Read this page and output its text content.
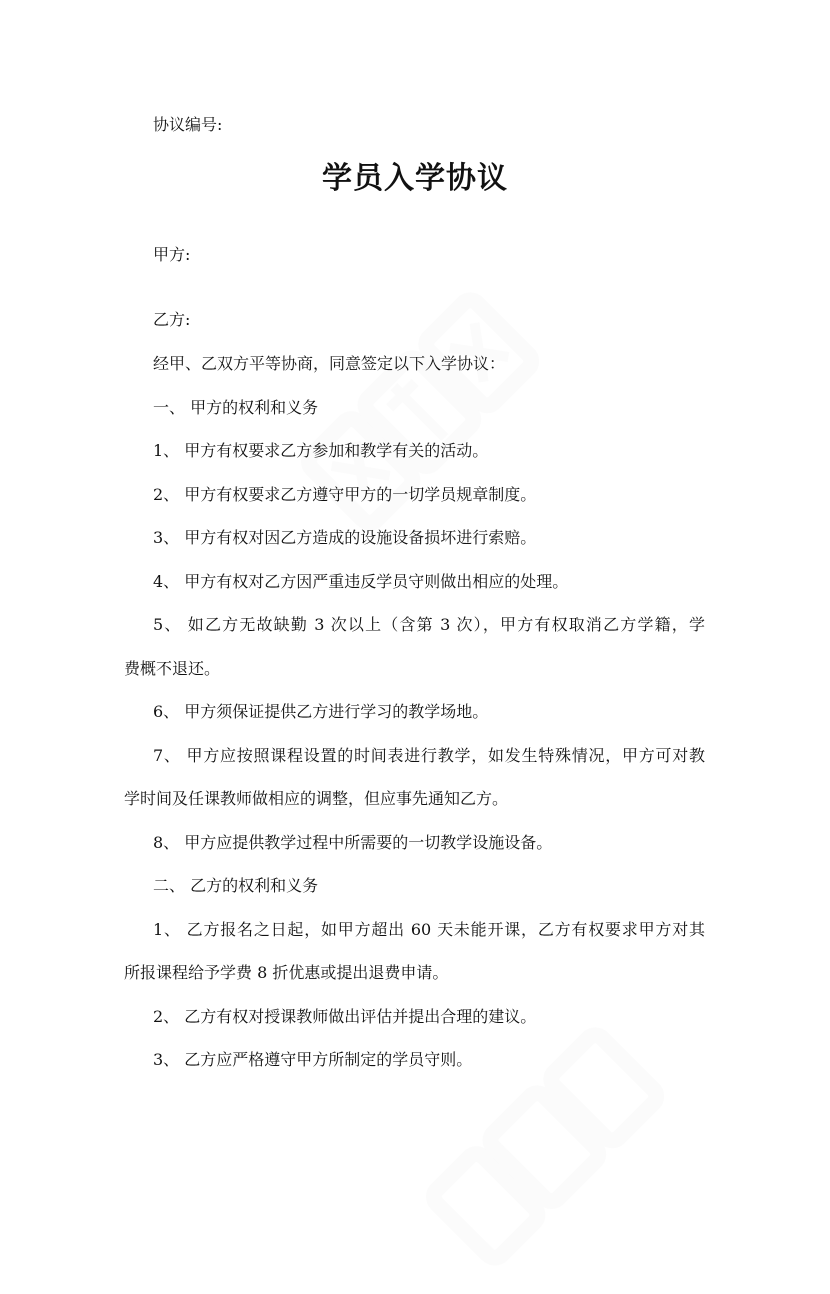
协议编号:
学员入学协议
甲方:
乙方:
经甲、乙双方平等协商，同意签定以下入学协议：
一、 甲方的权利和义务
1、 甲方有权要求乙方参加和教学有关的活动。
2、 甲方有权要求乙方遵守甲方的一切学员规章制度。
3、 甲方有权对因乙方造成的设施设备损坏进行索赔。
4、 甲方有权对乙方因严重违反学员守则做出相应的处理。
5、 如乙方无故缺勤 3 次以上（含第 3 次），甲方有权取消乙方学籍，学
费概不退还。
6、 甲方须保证提供乙方进行学习的教学场地。
7、 甲方应按照课程设置的时间表进行教学，如发生特殊情况，甲方可对教
学时间及任课教师做相应的调整，但应事先通知乙方。
8、 甲方应提供教学过程中所需要的一切教学设施设备。
二、 乙方的权利和义务
1、 乙方报名之日起，如甲方超出 60 天未能开课，乙方有权要求甲方对其
所报课程给予学费 8 折优惠或提出退费申请。
2、 乙方有权对授课教师做出评估并提出合理的建议。
3、 乙方应严格遵守甲方所制定的学员守则。
